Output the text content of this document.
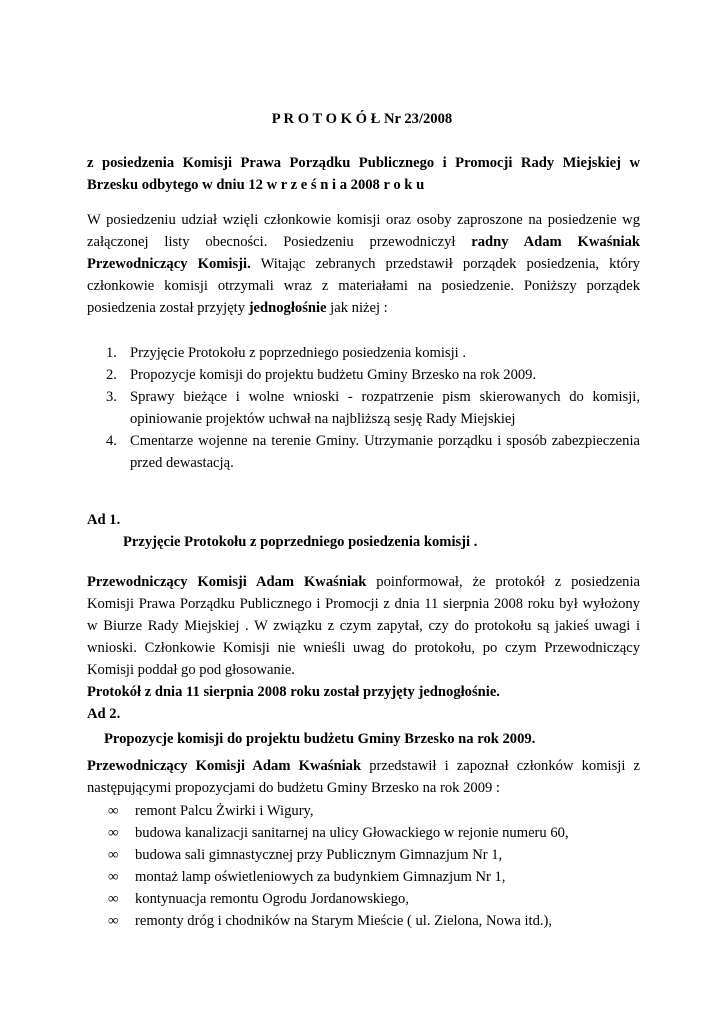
P R O T O K Ó Ł Nr 23/2008
z posiedzenia Komisji Prawa Porządku Publicznego i Promocji Rady Miejskiej w
Brzesku odbytego w dniu 12 w r z e ś n i a 2008 r o k u
W posiedzeniu udział wzięli członkowie komisji oraz osoby zaproszone na posiedzenie wg
załączonej listy obecności. Posiedzeniu przewodniczył radny Adam Kwaśniak
Przewodniczący Komisji. Witając zebranych przedstawił porządek posiedzenia, który
członkowie komisji otrzymali wraz z materiałami na posiedzenie. Poniższy porządek
posiedzenia został przyjęty jednogłośnie jak niżej :
1. Przyjęcie Protokołu z poprzedniego posiedzenia komisji .
2. Propozycje komisji do projektu budżetu Gminy Brzesko na rok 2009.
3. Sprawy bieżące i wolne wnioski - rozpatrzenie pism skierowanych do komisji,
opiniowanie projektów uchwał na najbliższą sesję Rady Miejskiej
4. Cmentarze wojenne na terenie Gminy. Utrzymanie porządku i sposób zabezpieczenia
przed dewastacją.
Ad 1.
Przyjęcie Protokołu z poprzedniego posiedzenia komisji .
Przewodniczący Komisji Adam Kwaśniak poinformował, że protokół z posiedzenia
Komisji Prawa Porządku Publicznego i Promocji z dnia 11 sierpnia 2008 roku był wyłożony
w Biurze Rady Miejskiej . W związku z czym zapytał, czy do protokołu są jakieś uwagi i
wnioski. Członkowie Komisji nie wnieśli uwag do protokołu, po czym Przewodniczący
Komisji poddał go pod głosowanie.
Protokół z dnia 11 sierpnia 2008 roku został przyjęty jednogłośnie.
Ad 2.
Propozycje komisji do projektu budżetu Gminy Brzesko na rok 2009.
Przewodniczący Komisji Adam Kwaśniak przedstawił i zapoznał członków komisji z
następującymi propozycjami do budżetu Gminy Brzesko na rok 2009 :
∞ remont Palcu Żwirki i Wigury,
∞ budowa kanalizacji sanitarnej na ulicy Głowackiego w rejonie numeru 60,
∞ budowa sali gimnastycznej przy Publicznym Gimnazjum Nr 1,
∞ montaż lamp oświetleniowych za budynkiem Gimnazjum Nr 1,
∞ kontynuacja remontu Ogrodu Jordanowskiego,
∞ remonty dróg i chodników na Starym Mieście ( ul. Zielona, Nowa itd.),
